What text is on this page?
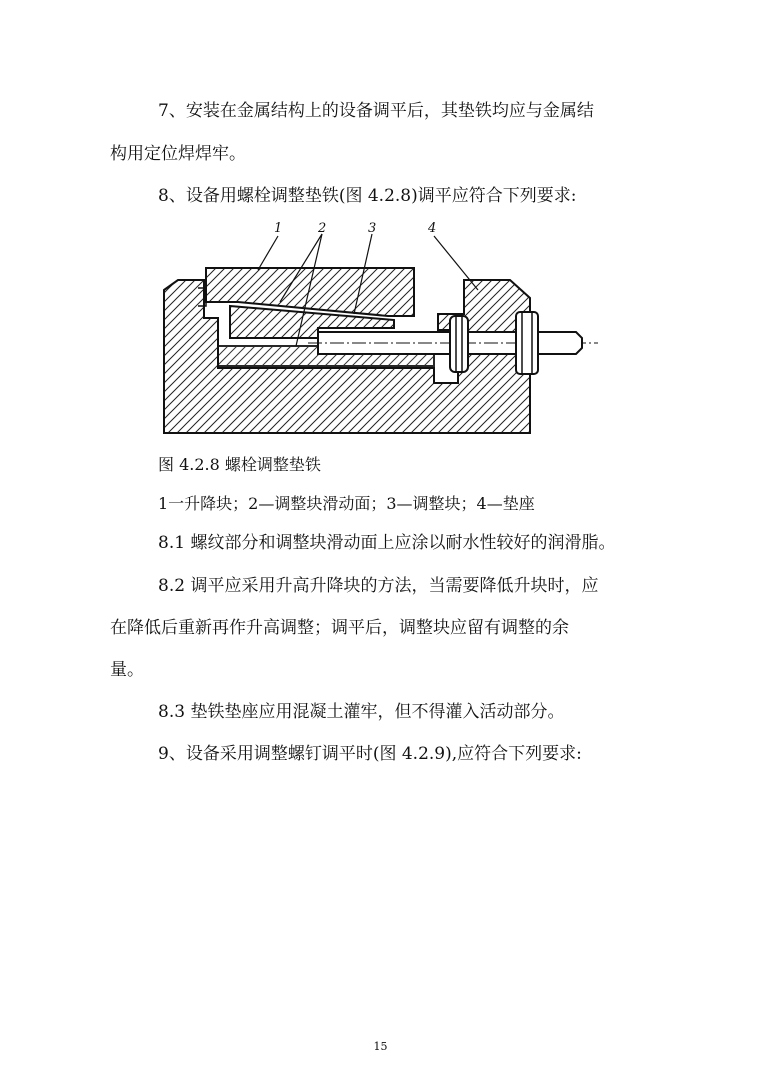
7、安装在金属结构上的设备调平后，其垫铁均应与金属结
构用定位焊焊牢。
8、设备用螺栓调整垫铁(图 4.2.8)调平应符合下列要求:
1	2	3	4
图 4.2.8 螺栓调整垫铁
1一升降块；2—调整块滑动面；3—调整块；4—垫座
8.1 螺纹部分和调整块滑动面上应涂以耐水性较好的润滑脂。
8.2 调平应采用升高升降块的方法，当需要降低升块时，应
在降低后重新再作升高调整；调平后，调整块应留有调整的余
量。
8.3 垫铁垫座应用混凝土灌牢，但不得灌入活动部分。
9、设备采用调整螺钉调平时(图 4.2.9),应符合下列要求:
15
